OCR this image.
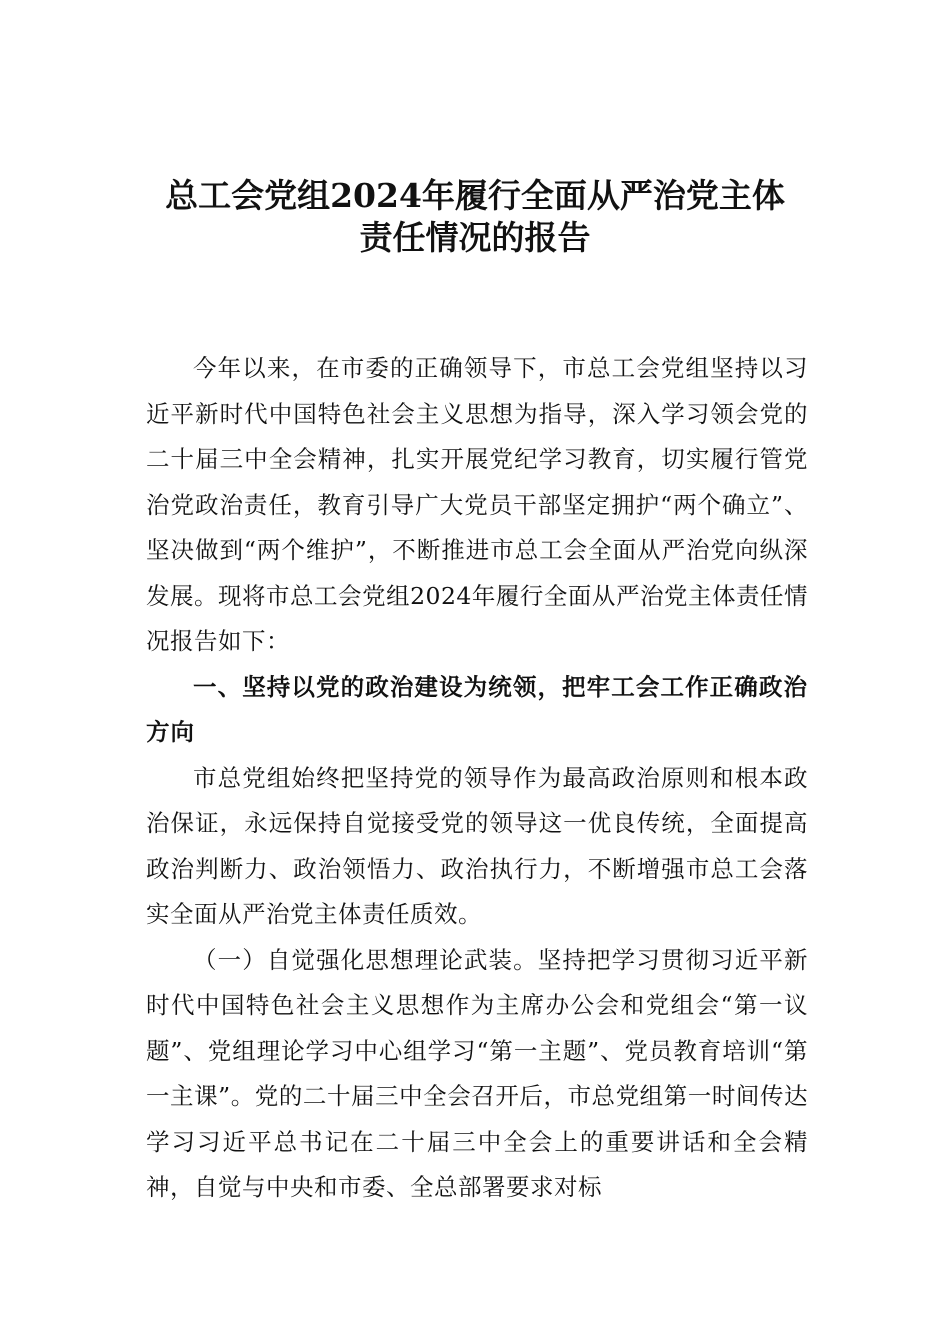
总工会党组2024年履行全面从严治党主体
责任情况的报告

今年以来，在市委的正确领导下，市总工会党组坚持以习近平新时代中国特色社会主义思想为指导，深入学习领会党的二十届三中全会精神，扎实开展党纪学习教育，切实履行管党治党政治责任，教育引导广大党员干部坚定拥护“两个确立”、坚决做到“两个维护”，不断推进市总工会全面从严治党向纵深发展。现将市总工会党组2024年履行全面从严治党主体责任情况报告如下：

一、坚持以党的政治建设为统领，把牢工会工作正确政治方向

市总党组始终把坚持党的领导作为最高政治原则和根本政治保证，永远保持自觉接受党的领导这一优良传统，全面提高政治判断力、政治领悟力、政治执行力，不断增强市总工会落实全面从严治党主体责任质效。

（一）自觉强化思想理论武装。坚持把学习贯彻习近平新时代中国特色社会主义思想作为主席办公会和党组会“第一议题”、党组理论学习中心组学习“第一主题”、党员教育培训“第一主课”。党的二十届三中全会召开后，市总党组第一时间传达学习习近平总书记在二十届三中全会上的重要讲话和全会精神，自觉与中央和市委、全总部署要求对标
